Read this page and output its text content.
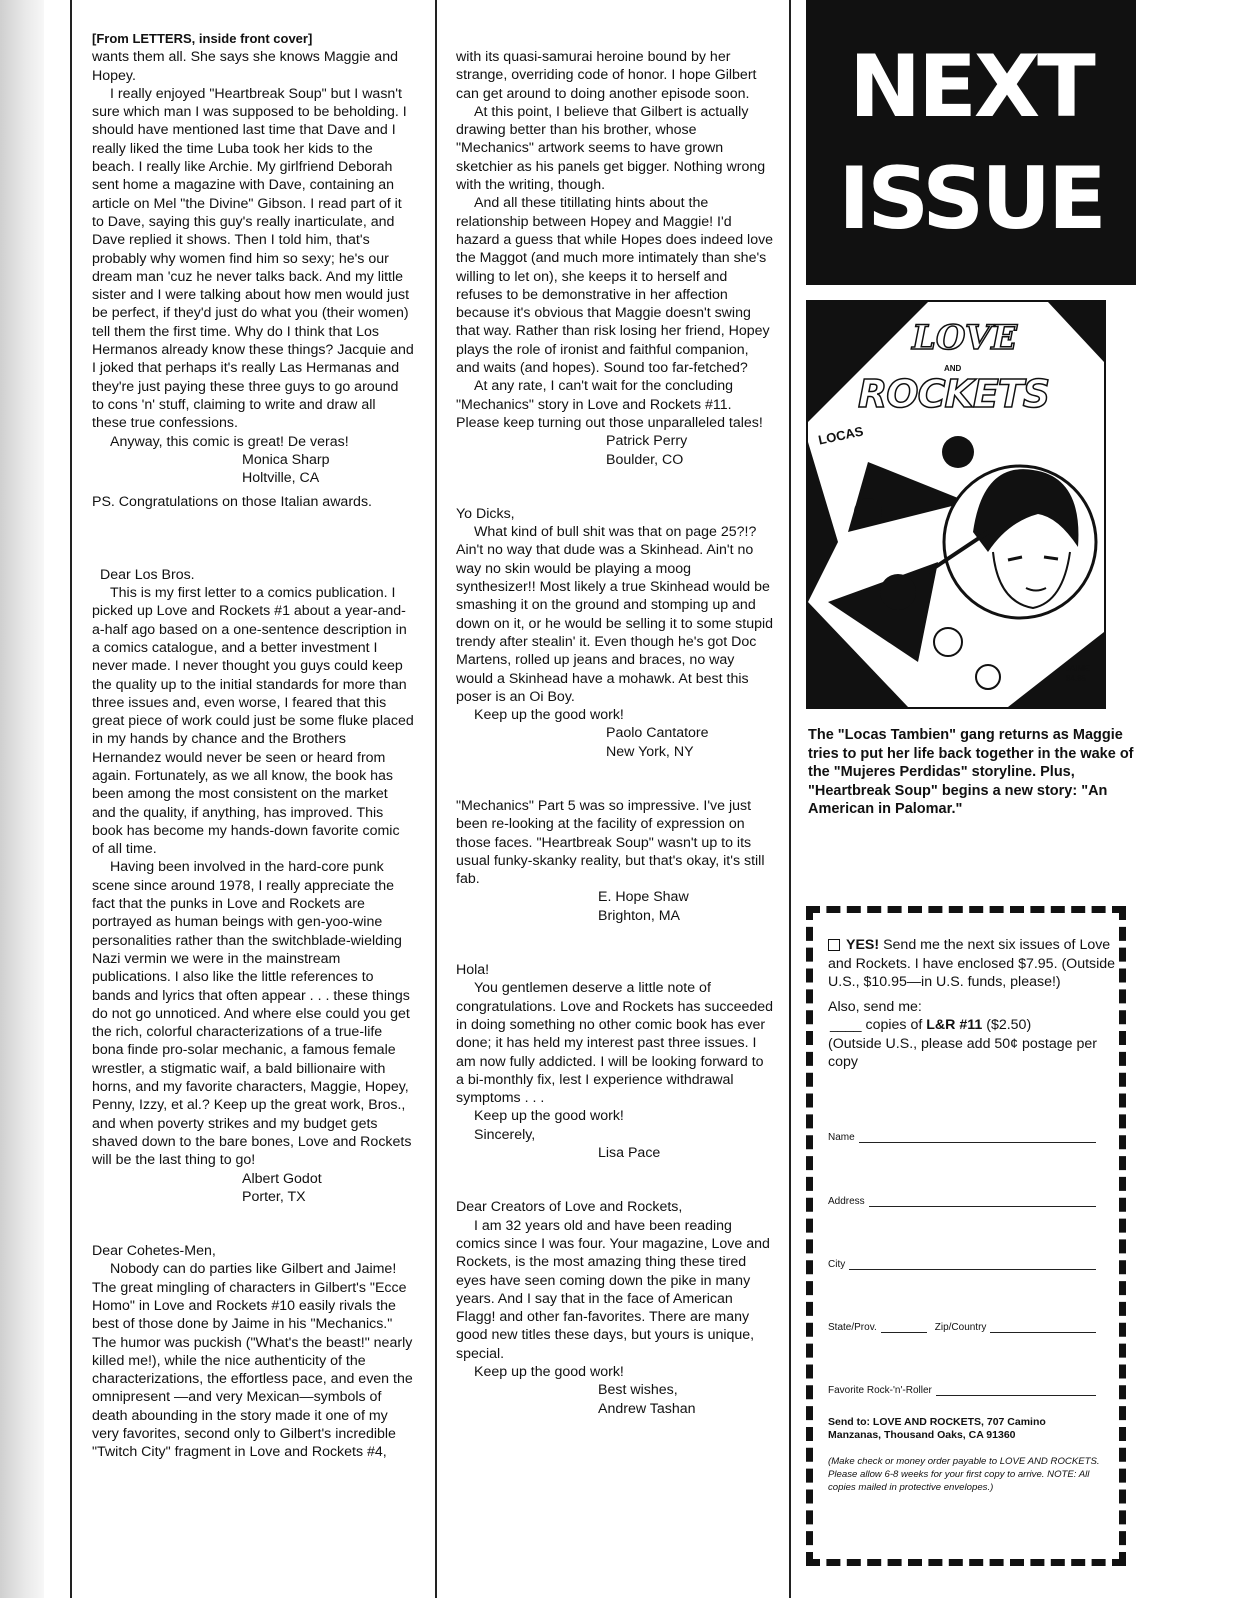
[From LETTERS, inside front cover]

wants them all. She says she knows Maggie and Hopey.

I really enjoyed "Heartbreak Soup" but I wasn't sure which man I was supposed to be beholding. I should have mentioned last time that Dave and I really liked the time Luba took her kids to the beach. I really like Archie. My girlfriend Deborah sent home a magazine with Dave, containing an article on Mel "the Divine" Gibson. I read part of it to Dave, saying this guy's really inarticulate, and Dave replied it shows. Then I told him, that's probably why women find him so sexy; he's our dream man 'cuz he never talks back. And my little sister and I were talking about how men would just be perfect, if they'd just do what you (their women) tell them the first time. Why do I think that Los Hermanos already know these things? Jacquie and I joked that perhaps it's really Las Hermanas and they're just paying these three guys to go around to cons 'n' stuff, claiming to write and draw all these true confessions.

Anyway, this comic is great! De veras!

Monica Sharp

Holtville, CA

PS. Congratulations on those Italian awards.

Dear Los Bros.

This is my first letter to a comics publication. I picked up Love and Rockets #1 about a year-and-a-half ago based on a one-sentence description in a comics catalogue, and a better investment I never made. I never thought you guys could keep the quality up to the initial standards for more than three issues and, even worse, I feared that this great piece of work could just be some fluke placed in my hands by chance and the Brothers Hernandez would never be seen or heard from again. Fortunately, as we all know, the book has been among the most consistent on the market and the quality, if anything, has improved. This book has become my hands-down favorite comic of all time.

Having been involved in the hard-core punk scene since around 1978, I really appreciate the fact that the punks in Love and Rockets are portrayed as human beings with gen-yoo-wine personalities rather than the switchblade-wielding Nazi vermin we were in the mainstream publications. I also like the little references to bands and lyrics that often appear . . . these things do not go unnoticed. And where else could you get the rich, colorful characterizations of a true-life bona finde pro-solar mechanic, a famous female wrestler, a stigmatic waif, a bald billionaire with horns, and my favorite characters, Maggie, Hopey, Penny, Izzy, et al.? Keep up the great work, Bros., and when poverty strikes and my budget gets shaved down to the bare bones, Love and Rockets will be the last thing to go!

Albert Godot

Porter, TX

Dear Cohetes-Men,

Nobody can do parties like Gilbert and Jaime! The great mingling of characters in Gilbert's "Ecce Homo" in Love and Rockets #10 easily rivals the best of those done by Jaime in his "Mechanics." The humor was puckish ("What's the beast!" nearly killed me!), while the nice authenticity of the characterizations, the effortless pace, and even the omnipresent —and very Mexican—symbols of death abounding in the story made it one of my very favorites, second only to Gilbert's incredible "Twitch City" fragment in Love and Rockets #4,

with its quasi-samurai heroine bound by her strange, overriding code of honor. I hope Gilbert can get around to doing another episode soon.

At this point, I believe that Gilbert is actually drawing better than his brother, whose "Mechanics" artwork seems to have grown sketchier as his panels get bigger. Nothing wrong with the writing, though.

And all these titillating hints about the relationship between Hopey and Maggie! I'd hazard a guess that while Hopes does indeed love the Maggot (and much more intimately than she's willing to let on), she keeps it to herself and refuses to be demonstrative in her affection because it's obvious that Maggie doesn't swing that way. Rather than risk losing her friend, Hopey plays the role of ironist and faithful companion, and waits (and hopes). Sound too far-fetched?

At any rate, I can't wait for the concluding "Mechanics" story in Love and Rockets #11. Please keep turning out those unparalleled tales!

Patrick Perry

Boulder, CO

Yo Dicks,

What kind of bull shit was that on page 25?!? Ain't no way that dude was a Skinhead. Ain't no way no skin would be playing a moog synthesizer!! Most likely a true Skinhead would be smashing it on the ground and stomping up and down on it, or he would be selling it to some stupid trendy after stealin' it. Even though he's got Doc Martens, rolled up jeans and braces, no way would a Skinhead have a mohawk. At best this poser is an Oi Boy.

Keep up the good work!

Paolo Cantatore

New York, NY

"Mechanics" Part 5 was so impressive. I've just been re-looking at the facility of expression on those faces. "Heartbreak Soup" wasn't up to its usual funky-skanky reality, but that's okay, it's still fab.

E. Hope Shaw

Brighton, MA

Hola!

You gentlemen deserve a little note of congratulations. Love and Rockets has succeeded in doing something no other comic book has ever done; it has held my interest past three issues. I am now fully addicted. I will be looking forward to a bi-monthly fix, lest I experience withdrawal symptoms . . .

Keep up the good work!

Sincerely,

Lisa Pace

Dear Creators of Love and Rockets,

I am 32 years old and have been reading comics since I was four. Your magazine, Love and Rockets, is the most amazing thing these tired eyes have seen coming down the pike in many years. And I say that in the face of American Flagg! and other fan-favorites. There are many good new titles these days, but yours is unique, special.

Keep up the good work!

Best wishes,

Andrew Tashan

NEXT
ISSUE
LOVE
AND
ROCKETS
LOCAS
JAIME 84.85
The "Locas Tambien" gang returns as Maggie tries to put her life back together in the wake of the "Mujeres Perdidas" storyline. Plus, "Heartbreak Soup" begins a new story: "An American in Palomar."

YES! Send me the next six issues of Love and Rockets. I have enclosed $7.95. (Outside U.S., $10.95—in U.S. funds, please!)

Also, send me:

____ copies of L&R #11 ($2.50)

(Outside U.S., please add 50¢ postage per copy

Name
Address
City
State/Prov.	Zip/Country
Favorite Rock-'n'-Roller
Send to: LOVE AND ROCKETS, 707 Camino Manzanas, Thousand Oaks, CA 91360
(Make check or money order payable to LOVE AND ROCKETS. Please allow 6-8 weeks for your first copy to arrive. NOTE: All copies mailed in protective envelopes.)
